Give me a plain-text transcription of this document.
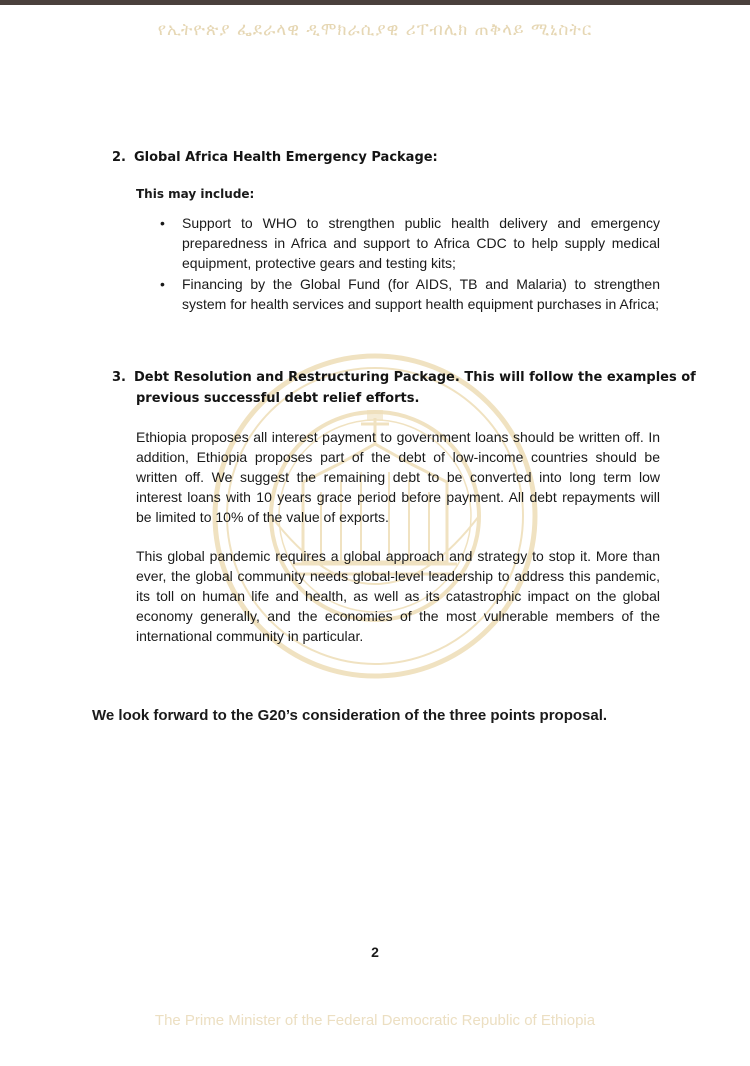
የኢትዮጵያ ፌደራላዊ ዲሞክራሲያዊ ሪፐብሊክ ጠቅላይ ሚኒስትር
2. Global Africa Health Emergency Package:
This may include:
• Support to WHO to strengthen public health delivery and emergency preparedness in Africa and support to Africa CDC to help supply medical equipment, protective gears and testing kits;
• Financing by the Global Fund (for AIDS, TB and Malaria) to strengthen system for health services and support health equipment purchases in Africa;
3. Debt Resolution and Restructuring Package. This will follow the examples of
previous successful debt relief efforts.

Ethiopia proposes all interest payment to government loans should be written off. In addition, Ethiopia proposes part of the debt of low-income countries should be written off. We suggest the remaining debt to be converted into long term low interest loans with 10 years grace period before payment. All debt repayments will be limited to 10% of the value of exports.

This global pandemic requires a global approach and strategy to stop it. More than ever, the global community needs global-level leadership to address this pandemic, its toll on human life and health, as well as its catastrophic impact on the global economy generally, and the economies of the most vulnerable members of the international community in particular.

We look forward to the G20’s consideration of the three points proposal.
2
The Prime Minister of the Federal Democratic Republic of Ethiopia
